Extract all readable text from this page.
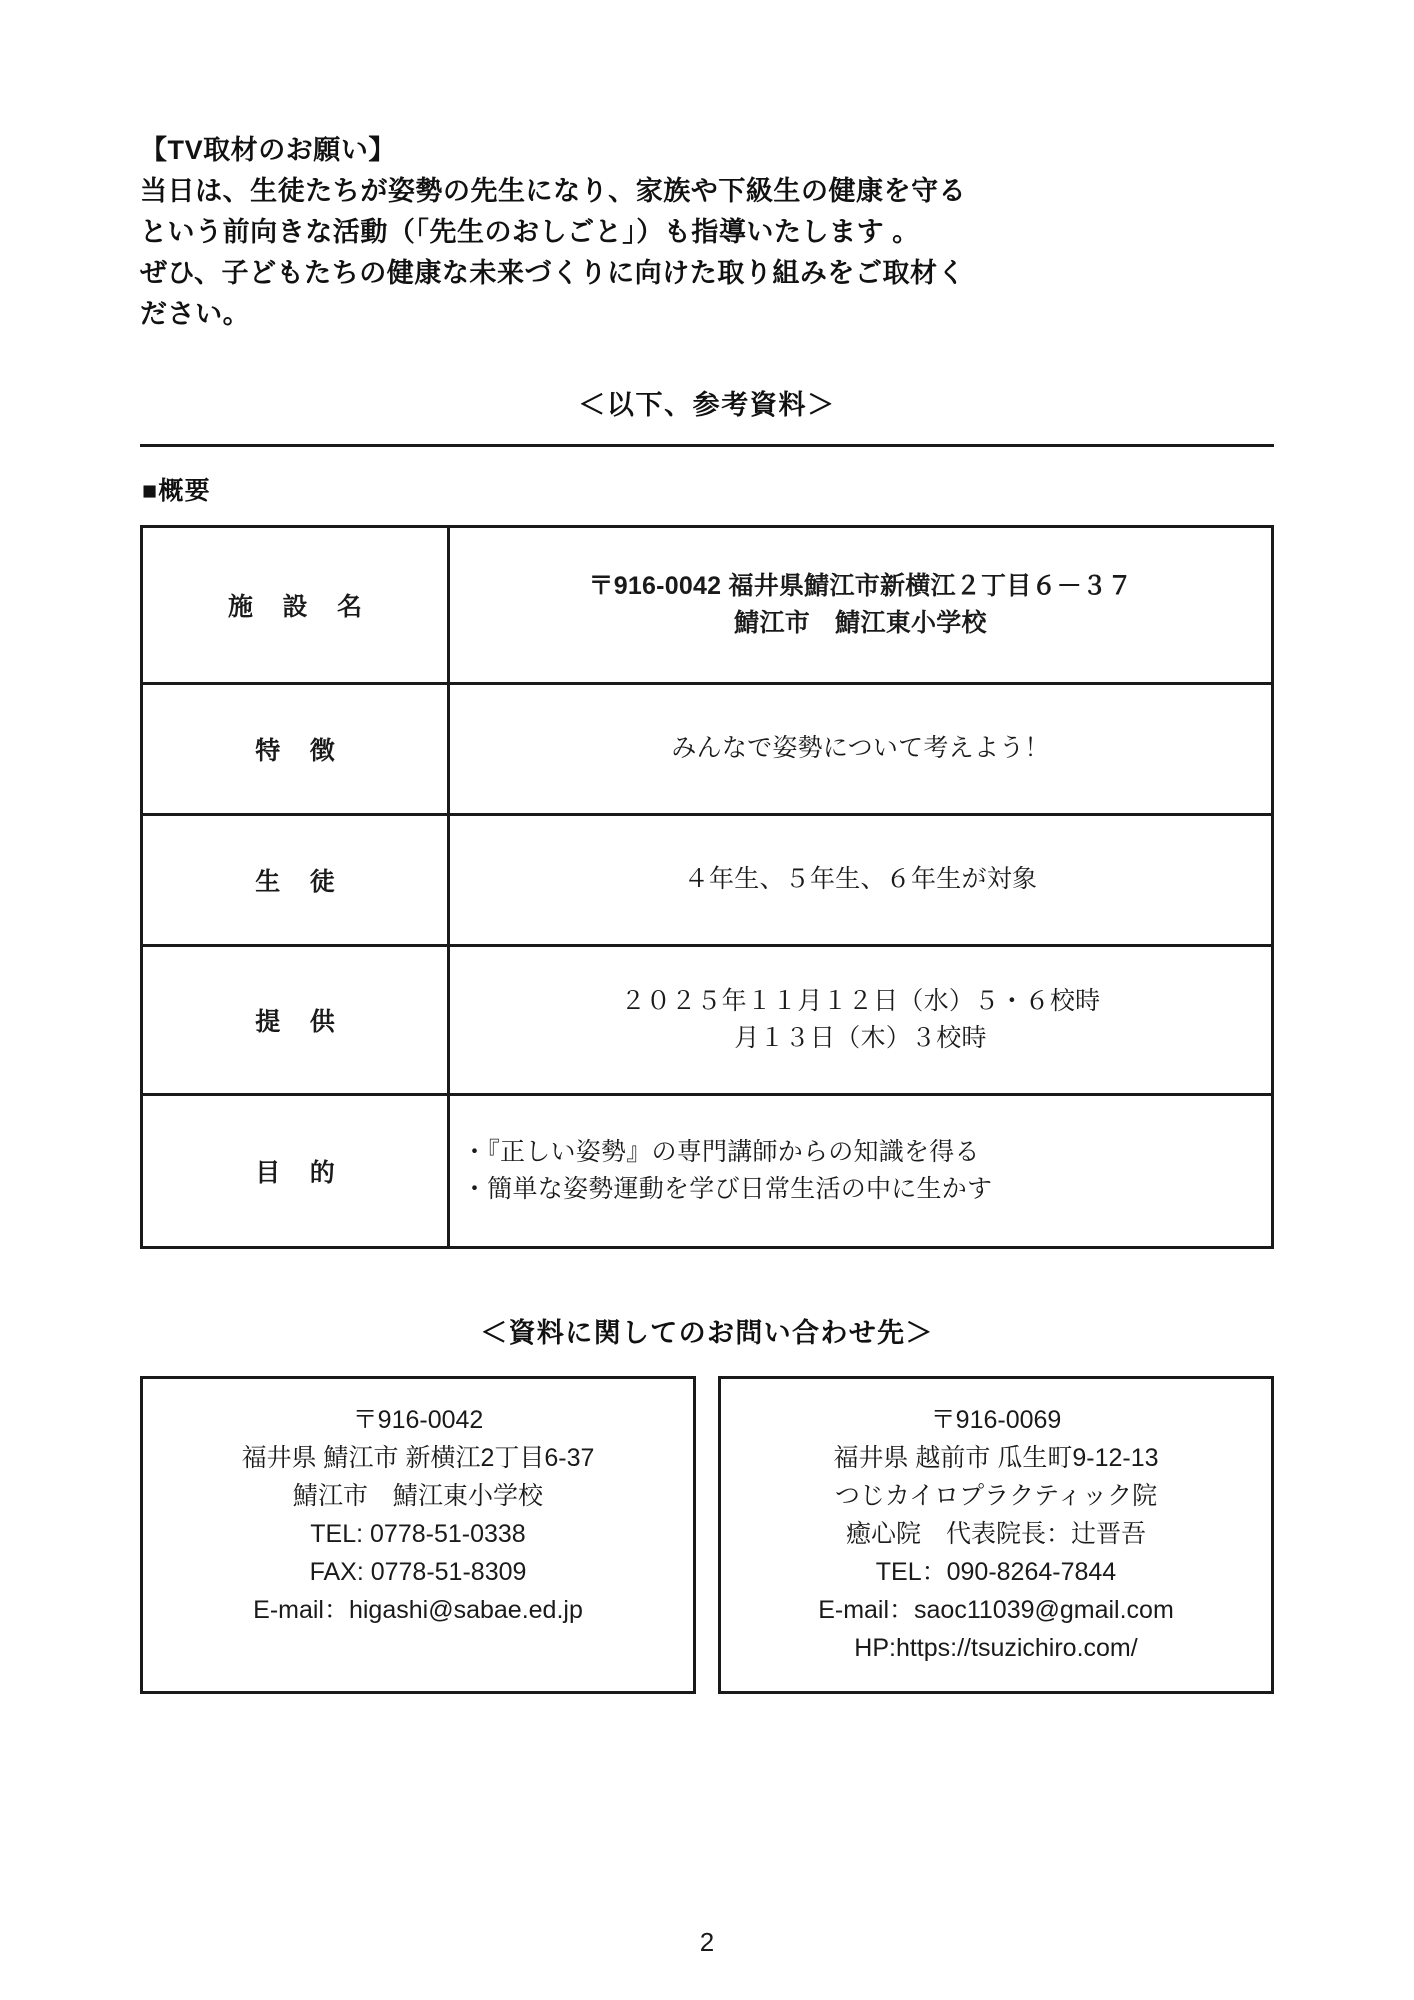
【TV取材のお願い】
当日は、生徒たちが姿勢の先生になり、家族や下級生の健康を守る
という前向きな活動（「先生のおしごと」）も指導いたします 。
ぜひ、子どもたちの健康な未来づくりに向けた取り組みをご取材く
ださい。
＜以下、参考資料＞
■概要
施 設 名	〒916-0042 福井県鯖江市新横江２丁目６－３７
鯖江市　鯖江東小学校

特 徴	みんなで姿勢について考えよう！

生 徒	４年生、５年生、６年生が対象

提 供	２０２５年１１月１２日（水）５・６校時
月１３日（木）３校時

目 的	・『正しい姿勢』の専門講師からの知識を得る
・簡単な姿勢運動を学び日常生活の中に生かす
＜資料に関してのお問い合わせ先＞
〒916-0042
福井県 鯖江市 新横江2丁目6-37
鯖江市　鯖江東小学校
TEL: 0778-51-0338
FAX: 0778-51-8309
E-mail：higashi@sabae.ed.jp
〒916-0069
福井県 越前市 瓜生町9-12-13
つじカイロプラクティック院
癒心院　代表院長：辻晋吾
TEL：090-8264-7844
E-mail：saoc11039@gmail.com
HP:https://tsuzichiro.com/
2
